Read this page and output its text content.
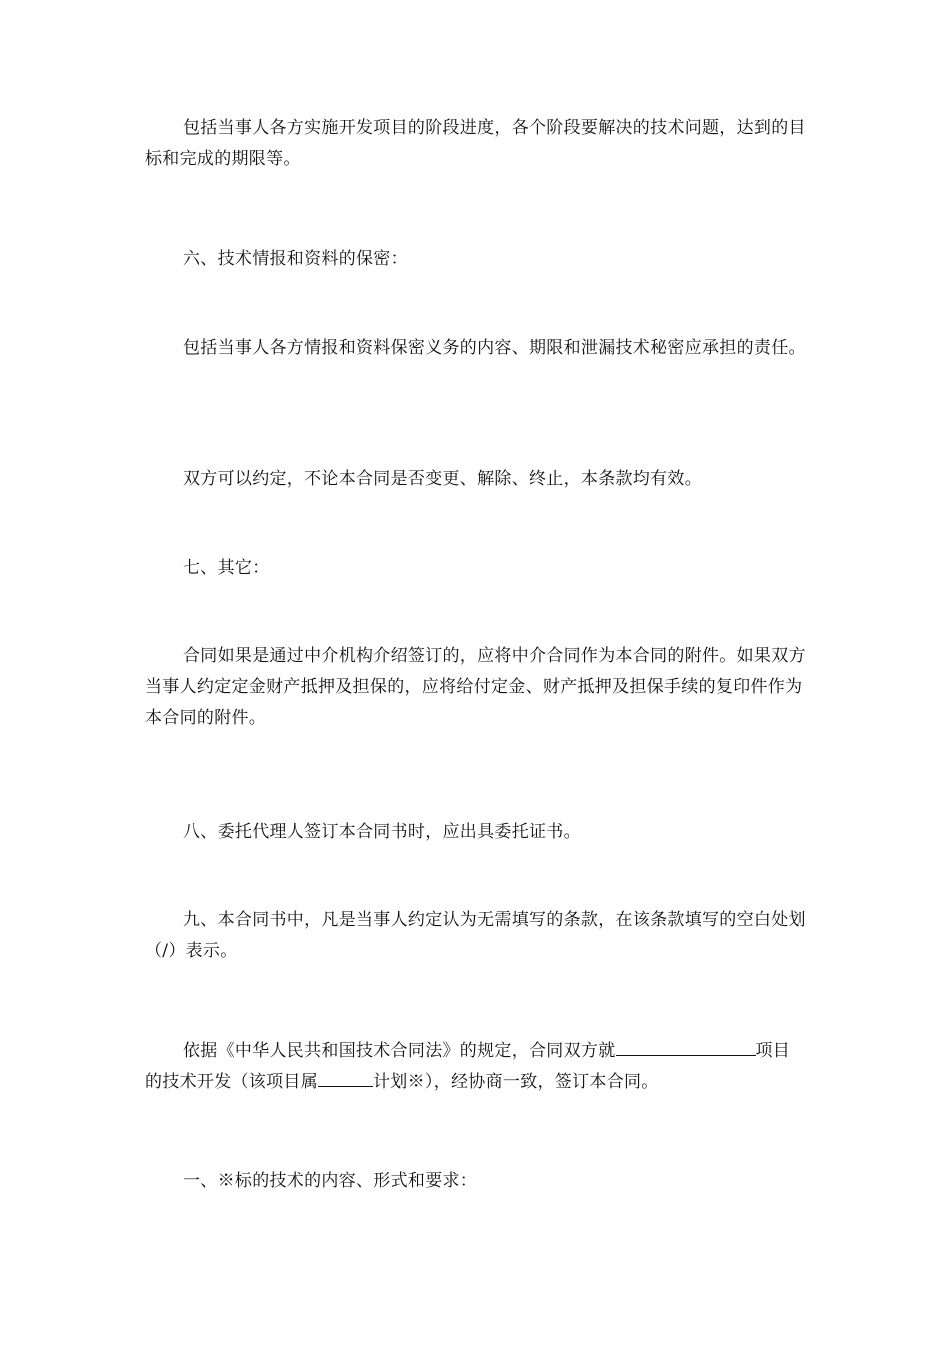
包括当事人各方实施开发项目的阶段进度，各个阶段要解决的技术问题，达到的目标和完成的期限等。

六、技术情报和资料的保密：

包括当事人各方情报和资料保密义务的内容、期限和泄漏技术秘密应承担的责任。

双方可以约定，不论本合同是否变更、解除、终止，本条款均有效。

七、其它：

合同如果是通过中介机构介绍签订的，应将中介合同作为本合同的附件。如果双方当事人约定定金财产抵押及担保的，应将给付定金、财产抵押及担保手续的复印件作为本合同的附件。

八、委托代理人签订本合同书时，应出具委托证书。

九、本合同书中，凡是当事人约定认为无需填写的条款，在该条款填写的空白处划（/）表示。

依据《中华人民共和国技术合同法》的规定，合同双方就	项目的技术开发（该项目属	计划※），经协商一致，签订本合同。

一、※标的技术的内容、形式和要求：
